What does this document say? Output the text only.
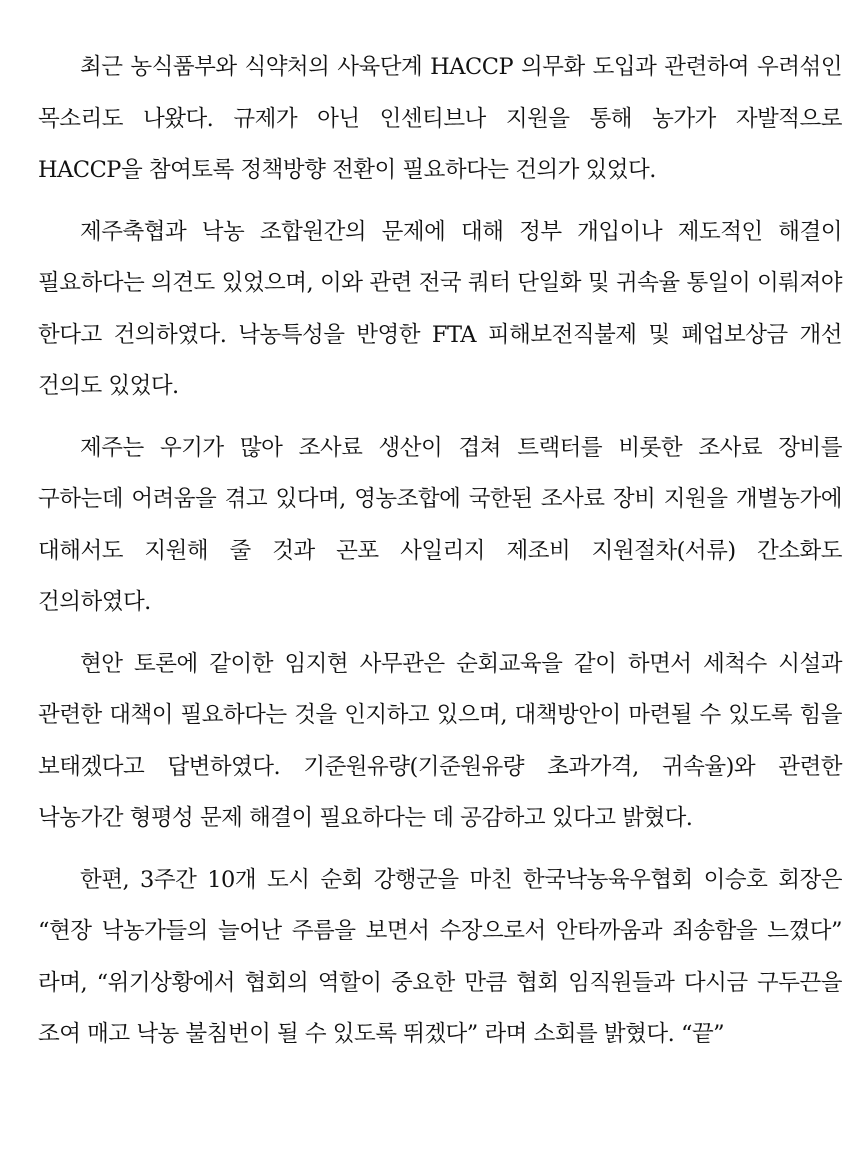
최근 농식품부와 식약처의 사육단계 HACCP 의무화 도입과 관련하여 우려섞인 목소리도 나왔다. 규제가 아닌 인센티브나 지원을 통해 농가가 자발적으로 HACCP을 참여토록 정책방향 전환이 필요하다는 건의가 있었다.

제주축협과 낙농 조합원간의 문제에 대해 정부 개입이나 제도적인 해결이 필요하다는 의견도 있었으며, 이와 관련 전국 쿼터 단일화 및 귀속율 통일이 이뤄져야 한다고 건의하였다. 낙농특성을 반영한 FTA 피해보전직불제 및 폐업보상금 개선 건의도 있었다.

제주는 우기가 많아 조사료 생산이 겹쳐 트랙터를 비롯한 조사료 장비를 구하는데 어려움을 겪고 있다며, 영농조합에 국한된 조사료 장비 지원을 개별농가에 대해서도 지원해 줄 것과 곤포 사일리지 제조비 지원절차(서류) 간소화도 건의하였다.

현안 토론에 같이한 임지현 사무관은 순회교육을 같이 하면서 세척수 시설과 관련한 대책이 필요하다는 것을 인지하고 있으며, 대책방안이 마련될 수 있도록 힘을 보태겠다고 답변하였다. 기준원유량(기준원유량 초과가격, 귀속율)와 관련한 낙농가간 형평성 문제 해결이 필요하다는 데 공감하고 있다고 밝혔다.

한편, 3주간 10개 도시 순회 강행군을 마친 한국낙농육우협회 이승호 회장은 “현장 낙농가들의 늘어난 주름을 보면서 수장으로서 안타까움과 죄송함을 느꼈다” 라며, “위기상황에서 협회의 역할이 중요한 만큼 협회 임직원들과 다시금 구두끈을 조여 매고 낙농 불침번이 될 수 있도록 뛰겠다” 라며 소회를 밝혔다. “끝”
